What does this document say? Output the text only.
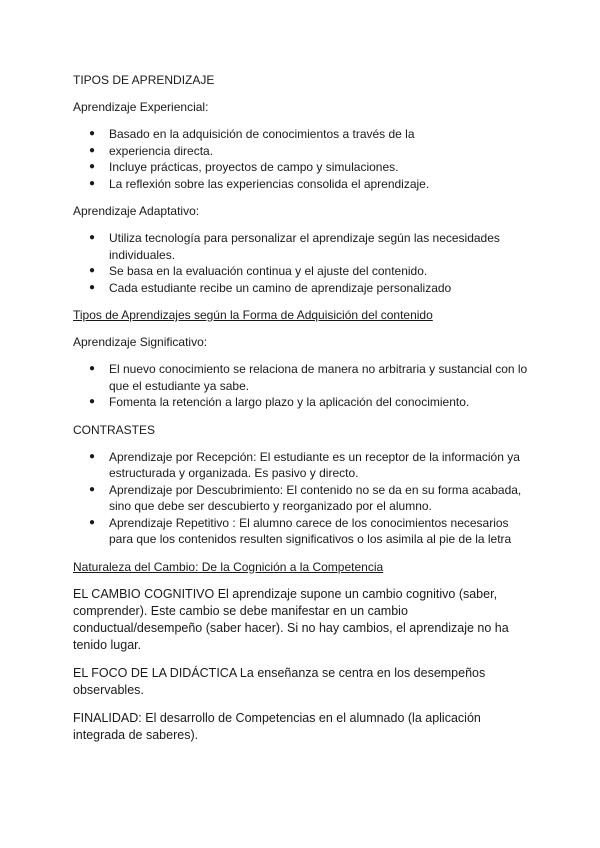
TIPOS DE APRENDIZAJE
Aprendizaje Experiencial:
● Basado en la adquisición de conocimientos a través de la
● experiencia directa.
● Incluye prácticas, proyectos de campo y simulaciones.
● La reflexión sobre las experiencias consolida el aprendizaje.
Aprendizaje Adaptativo:
● Utiliza tecnología para personalizar el aprendizaje según las necesidades individuales.
● Se basa en la evaluación continua y el ajuste del contenido.
● Cada estudiante recibe un camino de aprendizaje personalizado
Tipos de Aprendizajes según la Forma de Adquisición del contenido
Aprendizaje Significativo:
● El nuevo conocimiento se relaciona de manera no arbitraria y sustancial con lo que el estudiante ya sabe.
● Fomenta la retención a largo plazo y la aplicación del conocimiento.
CONTRASTES
● Aprendizaje por Recepción: El estudiante es un receptor de la información ya estructurada y organizada. Es pasivo y directo.
● Aprendizaje por Descubrimiento: El contenido no se da en su forma acabada, sino que debe ser descubierto y reorganizado por el alumno.
● Aprendizaje Repetitivo : El alumno carece de los conocimientos necesarios para que los contenidos resulten significativos o los asimila al pie de la letra
Naturaleza del Cambio: De la Cognición a la Competencia
EL CAMBIO COGNITIVO El aprendizaje supone un cambio cognitivo (saber, comprender). Este cambio se debe manifestar en un cambio conductual/desempeño (saber hacer). Si no hay cambios, el aprendizaje no ha tenido lugar.
EL FOCO DE LA DIDÁCTICA La enseñanza se centra en los desempeños observables.
FINALIDAD: El desarrollo de Competencias en el alumnado (la aplicación integrada de saberes).
